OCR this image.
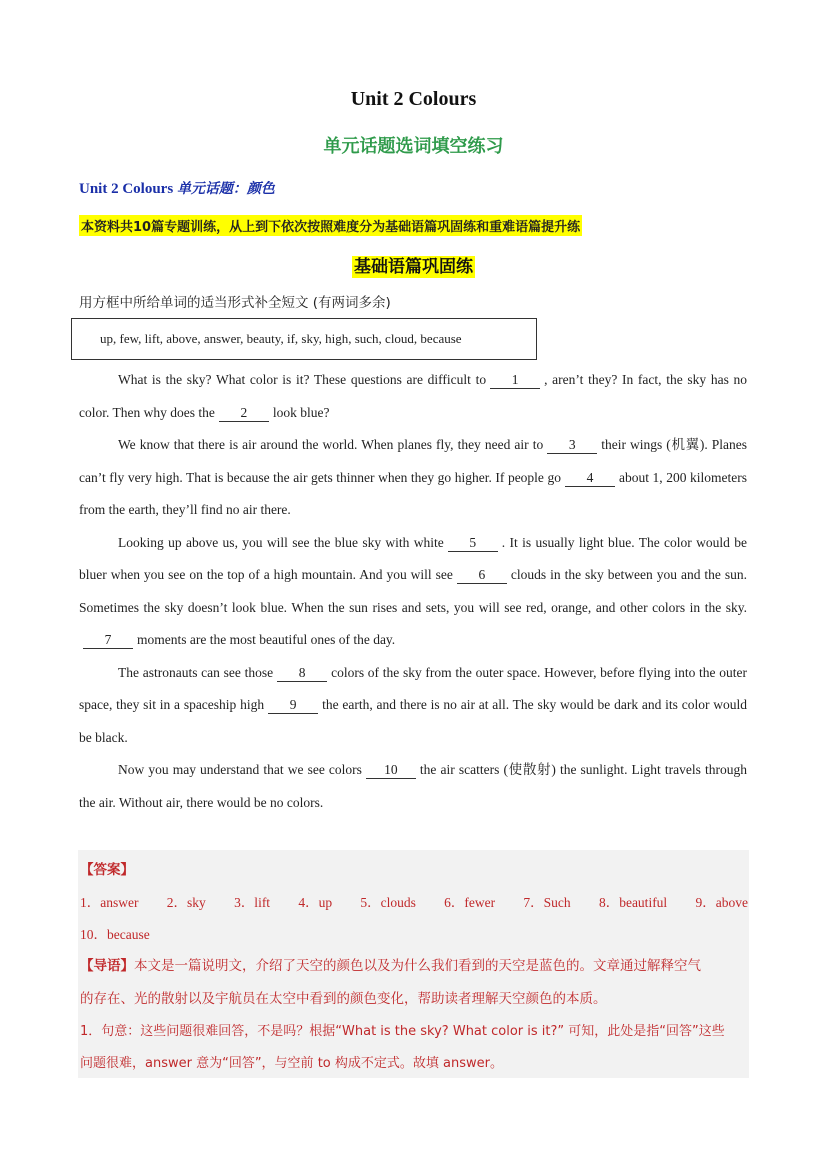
Unit 2 Colours
单元话题选词填空练习
Unit 2 Colours 单元话题：颜色
本资料共10篇专题训练，从上到下依次按照难度分为基础语篇巩固练和重难语篇提升练
基础语篇巩固练
用方框中所给单词的适当形式补全短文 (有两词多余)
up, few, lift, above, answer, beauty, if, sky, high, such, cloud, because

What is the sky? What color is it? These questions are difficult to 1 , aren’t they? In fact, the sky has no color. Then why does the 2 look blue?

We know that there is air around the world. When planes fly, they need air to 3 their wings (机翼). Planes can’t fly very high. That is because the air gets thinner when they go higher. If people go 4 about 1, 200 kilometers from the earth, they’ll find no air there.

Looking up above us, you will see the blue sky with white 5 . It is usually light blue. The color would be bluer when you see on the top of a high mountain. And you will see 6 clouds in the sky between you and the sun. Sometimes the sky doesn’t look blue. When the sun rises and sets, you will see red, orange, and other colors in the sky.7 moments are the most beautiful ones of the day.

The astronauts can see those 8 colors of the sky from the outer space. However, before flying into the outer space, they sit in a spaceship high 9 the earth, and there is no air at all. The sky would be dark and its color would be black.

Now you may understand that we see colors 10 the air scatters (使散射) the sunlight. Light travels through the air. Without air, there would be no colors.

【答案】
1．answer 2．sky 3．lift 4．up 5．clouds 6．fewer 7．Such 8．beautiful 9．above
10．because
【导语】本文是一篇说明文，介绍了天空的颜色以及为什么我们看到的天空是蓝色的。文章通过解释空气
的存在、光的散射以及宇航员在太空中看到的颜色变化，帮助读者理解天空颜色的本质。
1．句意：这些问题很难回答，不是吗？根据“What is the sky? What color is it?” 可知，此处是指“回答”这些
问题很难，answer 意为“回答”，与空前 to 构成不定式。故填 answer。
